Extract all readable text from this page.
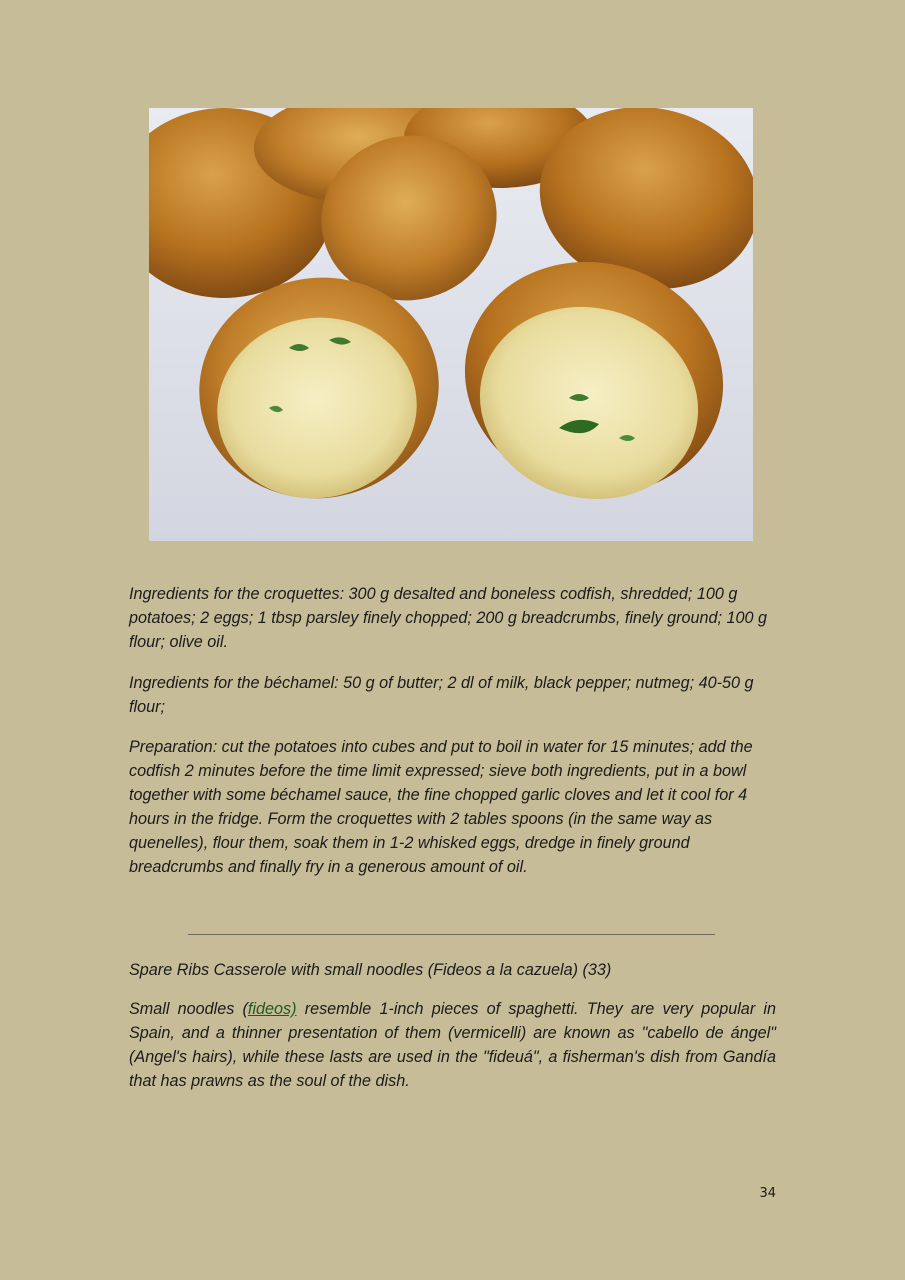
Ingredients for the croquettes: 300 g desalted and boneless codfish, shredded; 100 g potatoes; 2 eggs; 1 tbsp parsley finely chopped; 200 g breadcrumbs, finely ground; 100 g flour; olive oil.

Ingredients for the béchamel: 50 g of butter; 2 dl of milk, black pepper; nutmeg; 40-50 g flour;

Preparation: cut the potatoes into cubes and put to boil in water for 15 minutes; add the codfish 2 minutes before the time limit expressed; sieve both ingredients, put in a bowl together with some béchamel sauce, the fine chopped garlic cloves and let it cool for 4 hours in the fridge. Form the croquettes with 2 tables spoons (in the same way as quenelles), flour them, soak them in 1-2 whisked eggs, dredge in finely ground breadcrumbs and finally fry in a generous amount of oil.

Spare Ribs Casserole with small noodles (Fideos a la cazuela) (33)

Small noodles (fideos) resemble 1-inch pieces of spaghetti. They are very popular in Spain, and a thinner presentation of them (vermicelli) are known as "cabello de ángel" (Angel's hairs), while these lasts are used in the "fideuá", a fisherman's dish from Gandía that has prawns as the soul of the dish.

34
